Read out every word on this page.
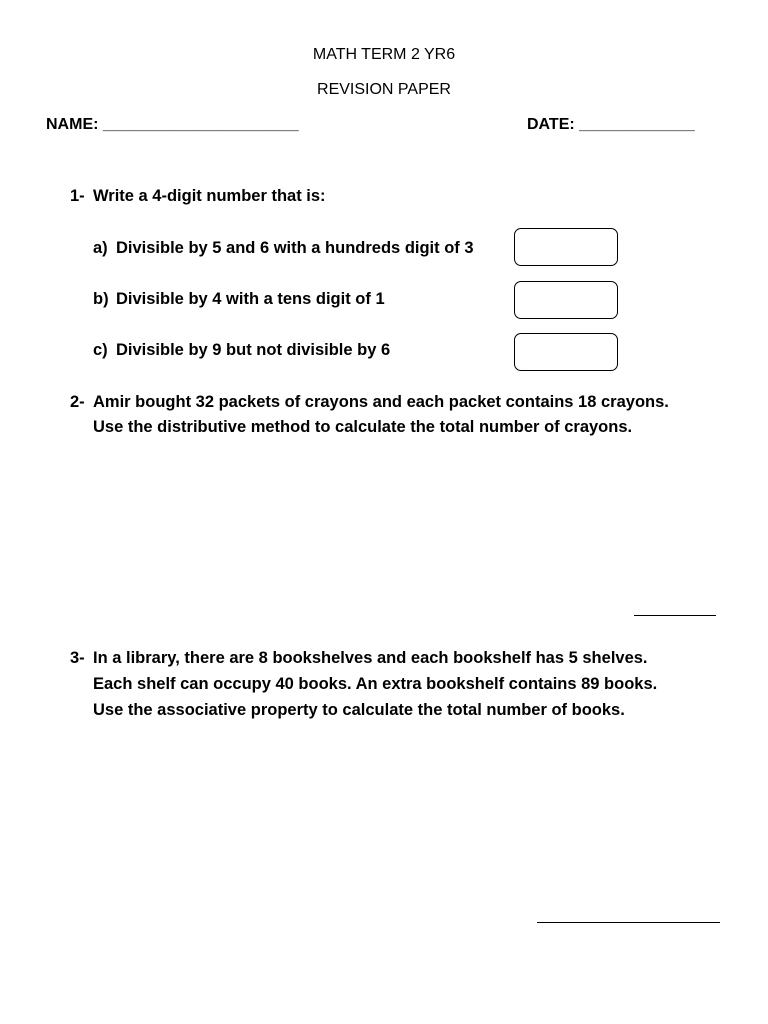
MATH TERM 2 YR6
REVISION PAPER
NAME: ______________________	DATE: _____________
1- Write a 4-digit number that is:
a) Divisible by 5 and 6 with a hundreds digit of 3
b) Divisible by 4 with a tens digit of 1
c) Divisible by 9 but not divisible by 6
2- Amir bought 32 packets of crayons and each packet contains 18 crayons.
Use the distributive method to calculate the total number of crayons.
3- In a library, there are 8 bookshelves and each bookshelf has 5 shelves.
Each shelf can occupy 40 books. An extra bookshelf contains 89 books.
Use the associative property to calculate the total number of books.
